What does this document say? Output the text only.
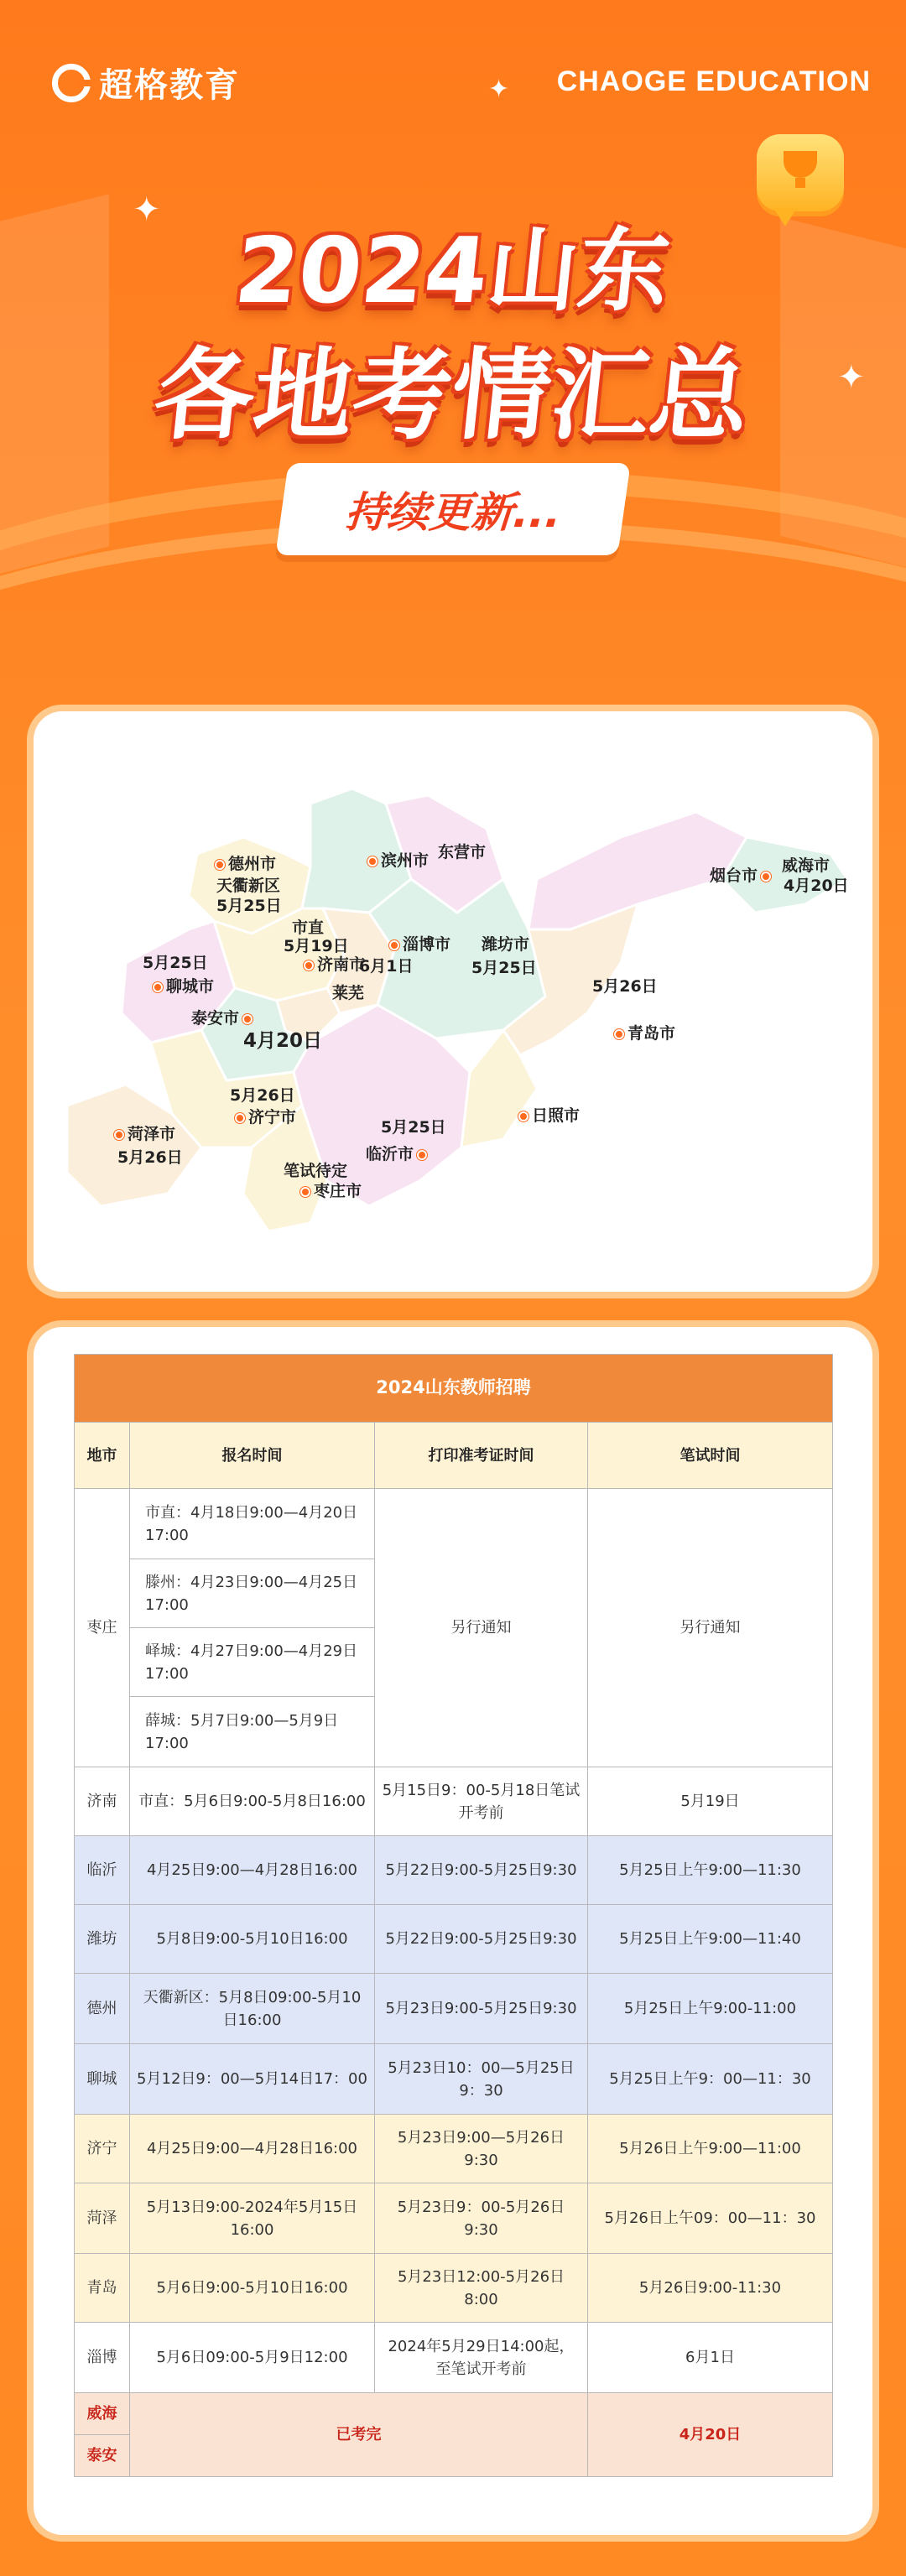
超格教育	CHAOGE EDUCATION
✦
✦
✦
2024山东
各地考情汇总
持续更新...
德州市
天衢新区
5月25日
滨州市 东营市
烟台市
威海市
4月20日
市直
5月19日
济南市
6月1日
淄博市 潍坊市
5月25日
5月25日
聊城市	莱芜
泰安市
4月20日
5月26日
青岛市
5月26日
济宁市
菏泽市
5月26日
5月25日
临沂市
日照市
笔试待定
枣庄市
2024山东教师招聘			
地市	报名时间	打印准考证时间	笔试时间
枣庄	市直：4月18日9:00—4月20日17:00	另行通知	另行通知
	滕州：4月23日9:00—4月25日17:00		
	峄城：4月27日9:00—4月29日17:00		
	薛城：5月7日9:00—5月9日17:00		
济南	市直：5月6日9:00-5月8日16:00	5月15日9：00-5月18日笔试开考前	5月19日
临沂	4月25日9:00—4月28日16:00	5月22日9:00-5月25日9:30	5月25日上午9:00—11:30
潍坊	5月8日9:00-5月10日16:00	5月22日9:00-5月25日9:30	5月25日上午9:00—11:40
德州	天衢新区：5月8日09:00-5月10日16:00	5月23日9:00-5月25日9:30	5月25日上午9:00-11:00
聊城	5月12日9：00—5月14日17：00	5月23日10：00—5月25日9：30	5月25日上午9：00—11：30
济宁	4月25日9:00—4月28日16:00	5月23日9:00—5月26日9:30	5月26日上午9:00—11:00
菏泽	5月13日9:00-2024年5月15日16:00	5月23日9：00-5月26日9:30	5月26日上午09：00—11：30
青岛	5月6日9:00-5月10日16:00	5月23日12:00-5月26日8:00	5月26日9:00-11:30
淄博	5月6日09:00-5月9日12:00	2024年5月29日14:00起，至笔试开考前	6月1日
威海	已考完		4月20日
泰安			
